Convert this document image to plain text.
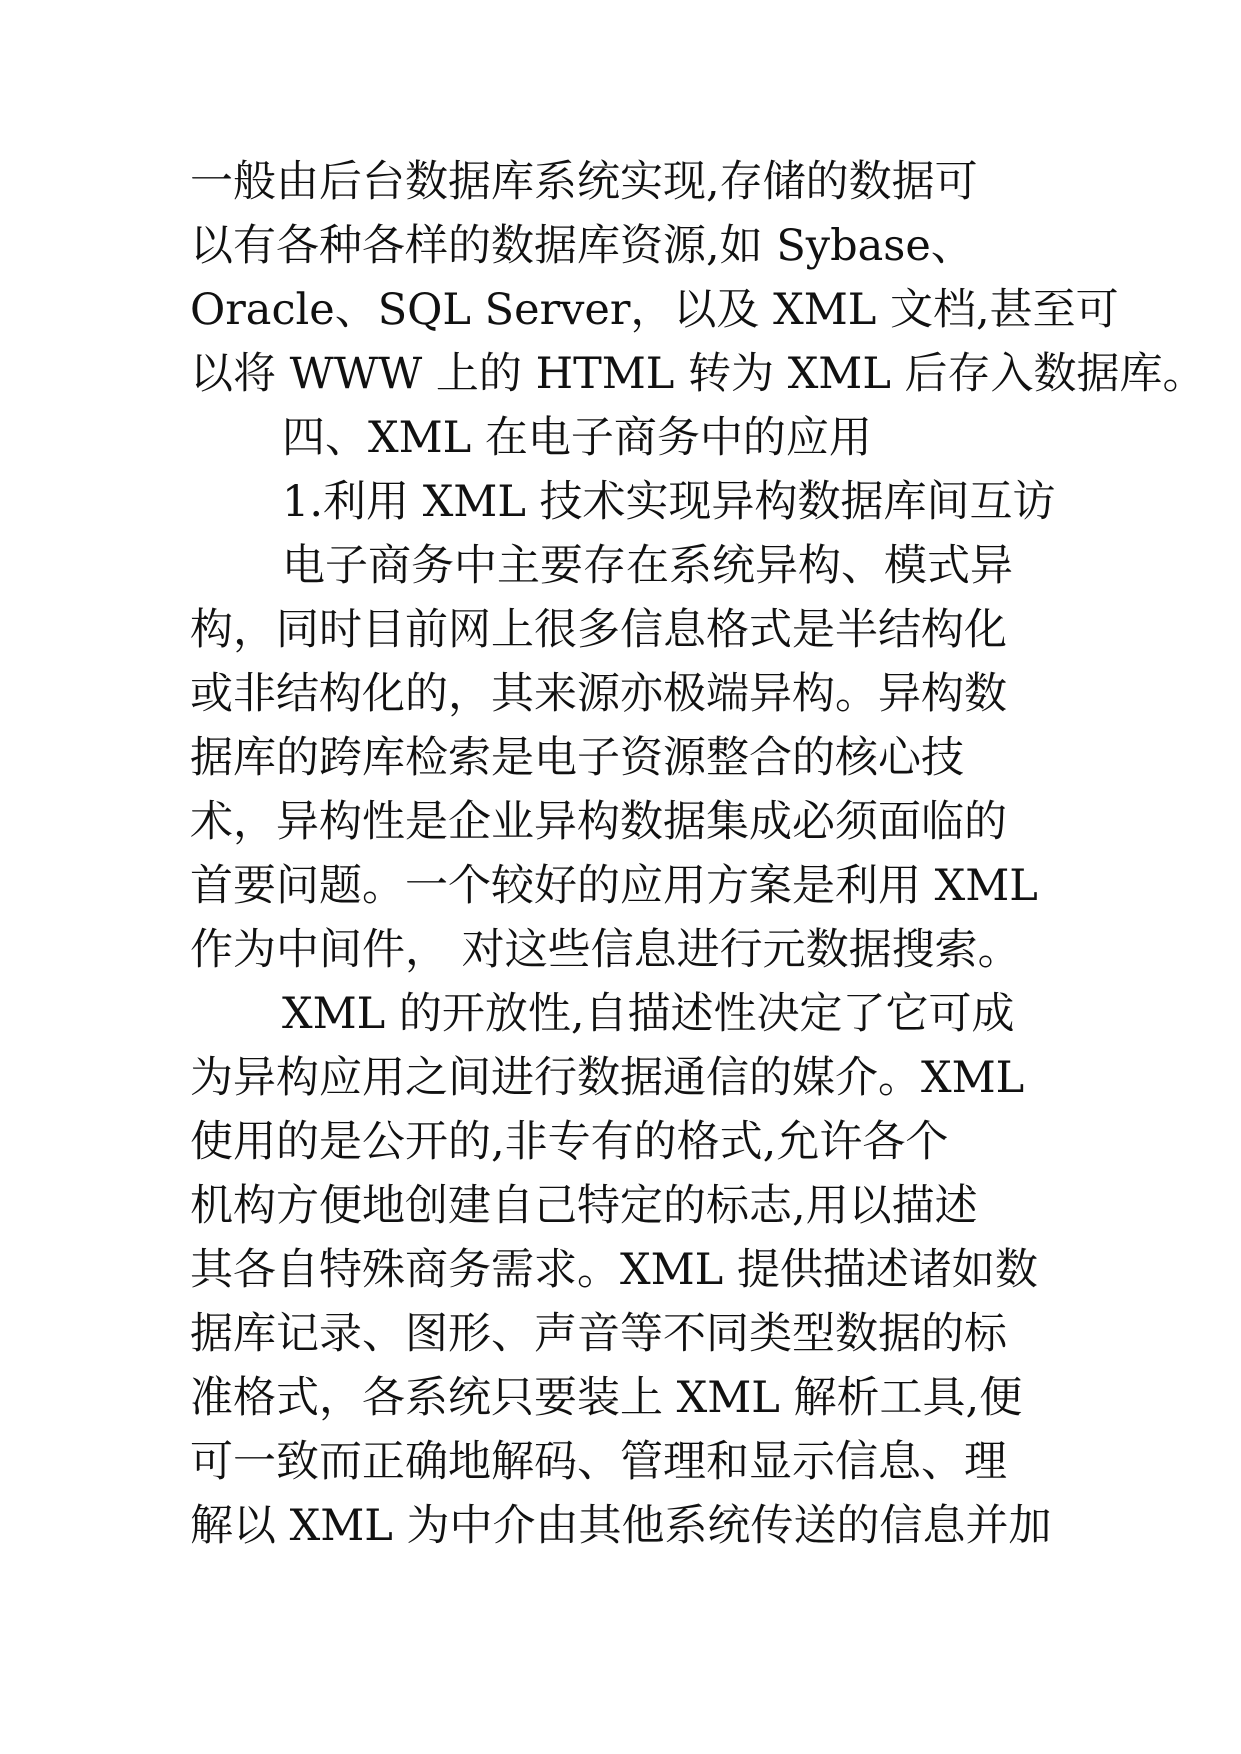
一般由后台数据库系统实现,存储的数据可
以有各种各样的数据库资源,如 Sybase、
Oracle、SQL Server，以及 XML 文档,甚至可
以将 WWW 上的 HTML 转为 XML 后存入数据库。
四、XML 在电子商务中的应用
1.利用 XML 技术实现异构数据库间互访
电子商务中主要存在系统异构、模式异
构，同时目前网上很多信息格式是半结构化
或非结构化的，其来源亦极端异构。异构数
据库的跨库检索是电子资源整合的核心技
术，异构性是企业异构数据集成必须面临的
首要问题。一个较好的应用方案是利用 XML
作为中间件， 对这些信息进行元数据搜索。
XML 的开放性,自描述性决定了它可成
为异构应用之间进行数据通信的媒介。XML
使用的是公开的,非专有的格式,允许各个
机构方便地创建自己特定的标志,用以描述
其各自特殊商务需求。XML 提供描述诸如数
据库记录、图形、声音等不同类型数据的标
准格式，各系统只要装上 XML 解析工具,便
可一致而正确地解码、管理和显示信息、理
解以 XML 为中介由其他系统传送的信息并加
